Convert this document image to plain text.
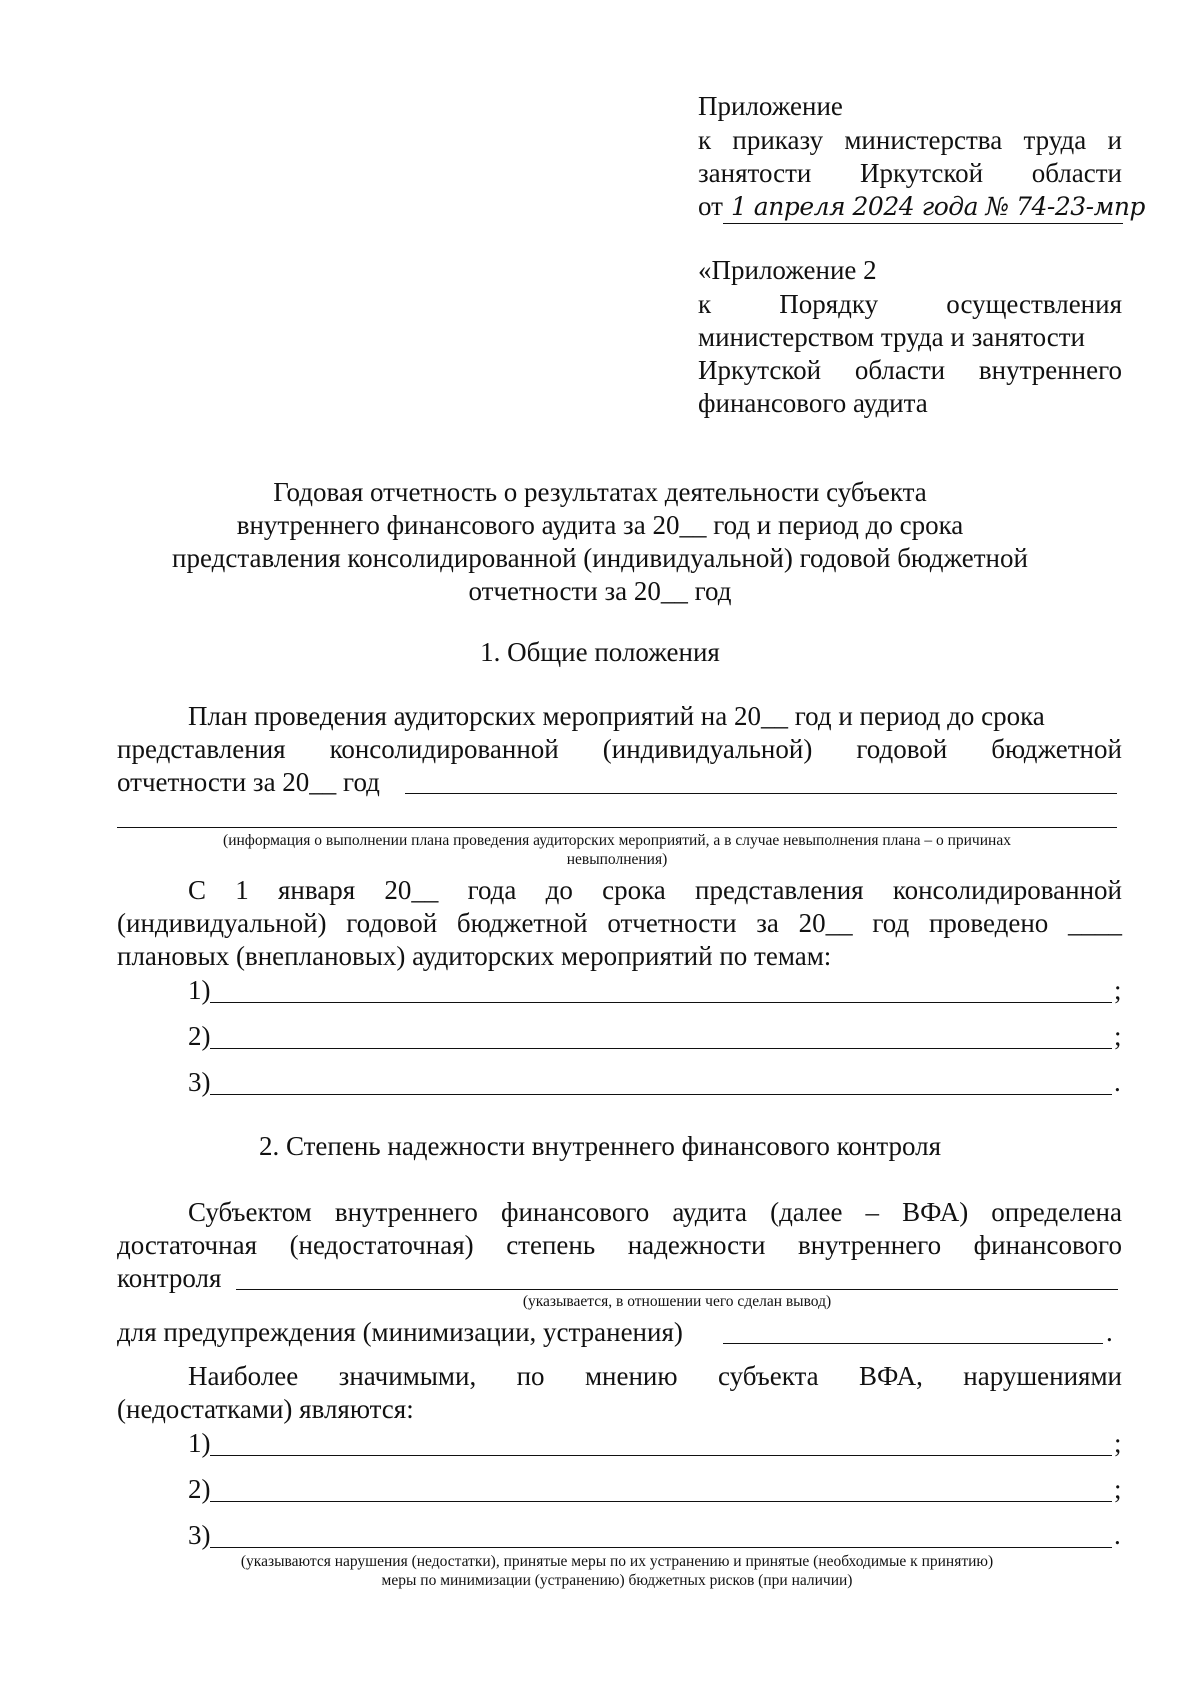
Приложение
к приказу министерства труда и
занятости Иркутской области
от 1 апреля 2024 года № 74-23-мпр
«Приложение 2
к	Порядку	осуществления
министерством труда и занятости
Иркутской области внутреннего
финансового аудита
Годовая отчетность о результатах деятельности субъекта
внутреннего финансового аудита за 20__ год и период до срока
представления консолидированной (индивидуальной) годовой бюджетной
отчетности за 20__ год
1. Общие положения
План проведения аудиторских мероприятий на 20__ год и период до срока
представления консолидированной (индивидуальной) годовой бюджетной
отчетности за 20__ год
(информация о выполнении плана проведения аудиторских мероприятий, а в случае невыполнения плана – о причинах
невыполнения)
С 1 января 20__ года до срока представления консолидированной
(индивидуальной) годовой бюджетной отчетности за 20__ год проведено ____
плановых (внеплановых) аудиторских мероприятий по темам:
1)	;
2)	;
3)	.
2. Степень надежности внутреннего финансового контроля
Субъектом внутреннего финансового аудита (далее – ВФА) определена
достаточная (недостаточная) степень надежности внутреннего финансового
контроля
(указывается, в отношении чего сделан вывод)
для предупреждения (минимизации, устранения)	.
Наиболее значимыми, по мнению субъекта ВФА, нарушениями
(недостатками) являются:
1)	;
2)	;
3)	.
(указываются нарушения (недостатки), принятые меры по их устранению и принятые (необходимые к принятию)
меры по минимизации (устранению) бюджетных рисков (при наличии)
